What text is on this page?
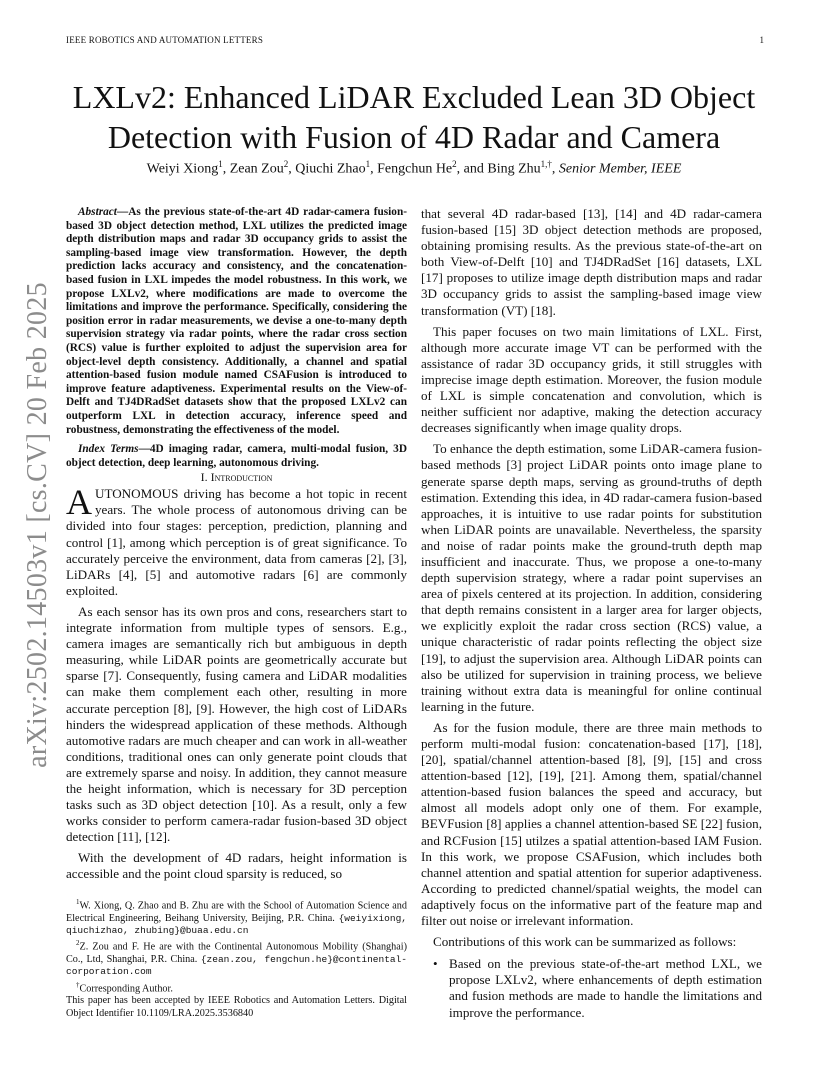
IEEE ROBOTICS AND AUTOMATION LETTERS	1
arXiv:2502.14503v1 [cs.CV] 20 Feb 2025
LXLv2: Enhanced LiDAR Excluded Lean 3D Object
Detection with Fusion of 4D Radar and Camera
Weiyi Xiong$^1$, Zean Zou$^2$, Qiuchi Zhao$^1$, Fengchun He$^2$, and Bing Zhu$^{1,\dagger}$, Senior Member, IEEE

Abstract—As the previous state-of-the-art 4D radar-camera fusion-based 3D object detection method, LXL utilizes the predicted image depth distribution maps and radar 3D occupancy grids to assist the sampling-based image view transformation. However, the depth prediction lacks accuracy and consistency, and the concatenation-based fusion in LXL impedes the model robustness. In this work, we propose LXLv2, where modifications are made to overcome the limitations and improve the performance. Specifically, considering the position error in radar measurements, we devise a one-to-many depth supervision strategy via radar points, where the radar cross section (RCS) value is further exploited to adjust the supervision area for object-level depth consistency. Additionally, a channel and spatial attention-based fusion module named CSAFusion is introduced to improve feature adaptiveness. Experimental results on the View-of-Delft and TJ4DRadSet datasets show that the proposed LXLv2 can outperform LXL in detection accuracy, inference speed and robustness, demonstrating the effectiveness of the model.

Index Terms—4D imaging radar, camera, multi-modal fusion, 3D object detection, deep learning, autonomous driving.

I. Introduction

AUTONOMOUS driving has become a hot topic in recent years. The whole process of autonomous driving can be divided into four stages: perception, prediction, planning and control [1], among which perception is of great significance. To accurately perceive the environment, data from cameras [2], [3], LiDARs [4], [5] and automotive radars [6] are commonly exploited.

As each sensor has its own pros and cons, researchers start to integrate information from multiple types of sensors. E.g., camera images are semantically rich but ambiguous in depth measuring, while LiDAR points are geometrically accurate but sparse [7]. Consequently, fusing camera and LiDAR modalities can make them complement each other, resulting in more accurate perception [8], [9]. However, the high cost of LiDARs hinders the widespread application of these methods. Although automotive radars are much cheaper and can work in all-weather conditions, traditional ones can only generate point clouds that are extremely sparse and noisy. In addition, they cannot measure the height information, which is necessary for 3D perception tasks such as 3D object detection [10]. As a result, only a few works consider to perform camera-radar fusion-based 3D object detection [11], [12].

With the development of 4D radars, height information is accessible and the point cloud sparsity is reduced, so

$^1$W. Xiong, Q. Zhao and B. Zhu are with the School of Automation Science and Electrical Engineering, Beihang University, Beijing, P.R. China. {weiyixiong, qiuchizhao, zhubing}@buaa.edu.cn

$^2$Z. Zou and F. He are with the Continental Autonomous Mobility (Shanghai) Co., Ltd, Shanghai, P.R. China. {zean.zou, fengchun.he}@continental-corporation.com

†Corresponding Author.

This paper has been accepted by IEEE Robotics and Automation Letters. Digital Object Identifier 10.1109/LRA.2025.3536840

that several 4D radar-based [13], [14] and 4D radar-camera fusion-based [15] 3D object detection methods are proposed, obtaining promising results. As the previous state-of-the-art on both View-of-Delft [10] and TJ4DRadSet [16] datasets, LXL [17] proposes to utilize image depth distribution maps and radar 3D occupancy grids to assist the sampling-based image view transformation (VT) [18].

This paper focuses on two main limitations of LXL. First, although more accurate image VT can be performed with the assistance of radar 3D occupancy grids, it still struggles with imprecise image depth estimation. Moreover, the fusion module of LXL is simple concatenation and convolution, which is neither sufficient nor adaptive, making the detection accuracy decreases significantly when image quality drops.

To enhance the depth estimation, some LiDAR-camera fusion-based methods [3] project LiDAR points onto image plane to generate sparse depth maps, serving as ground-truths of depth estimation. Extending this idea, in 4D radar-camera fusion-based approaches, it is intuitive to use radar points for substitution when LiDAR points are unavailable. Nevertheless, the sparsity and noise of radar points make the ground-truth depth map insufficient and inaccurate. Thus, we propose a one-to-many depth supervision strategy, where a radar point supervises an area of pixels centered at its projection. In addition, considering that depth remains consistent in a larger area for larger objects, we explicitly exploit the radar cross section (RCS) value, a unique characteristic of radar points reflecting the object size [19], to adjust the supervision area. Although LiDAR points can also be utilized for supervision in training process, we believe training without extra data is meaningful for online continual learning in the future.

As for the fusion module, there are three main methods to perform multi-modal fusion: concatenation-based [17], [18], [20], spatial/channel attention-based [8], [9], [15] and cross attention-based [12], [19], [21]. Among them, spatial/channel attention-based fusion balances the speed and accuracy, but almost all models adopt only one of them. For example, BEVFusion [8] applies a channel attention-based SE [22] fusion, and RCFusion [15] utilzes a spatial attention-based IAM Fusion. In this work, we propose CSAFusion, which includes both channel attention and spatial attention for superior adaptiveness. According to predicted channel/spatial weights, the model can adaptively focus on the informative part of the feature map and filter out noise or irrelevant information.

Contributions of this work can be summarized as follows:

• Based on the previous state-of-the-art method LXL, we propose LXLv2, where enhancements of depth estimation and fusion methods are made to handle the limitations and improve the performance.
